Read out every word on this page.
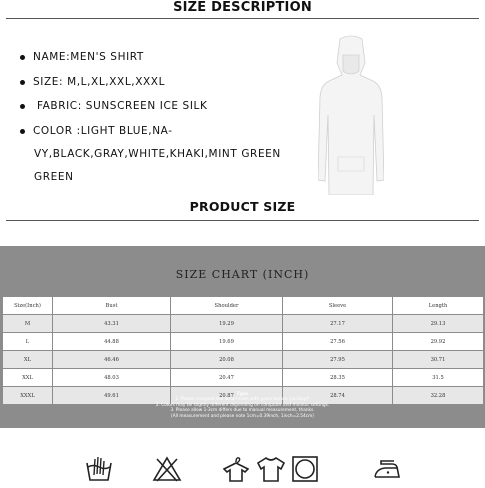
SIZE DESCRIPTION
NAME:MEN'S SHIRT
SIZE: M,L,XL,XXL,XXXL
FABRIC: SUNSCREEN ICE SILK
COLOR :LIGHT BLUE,NA-
VY,BLACK,GRAY,WHITE,KHAKI,MINT GREEN
GREEN
PRODUCT SIZE
SIZE CHART (INCH)
Size(Inch)	Bust	Shoulder	Sleeve	Length
M	43.31	19.29	27.17	29.13
L	44.88	19.69	27.56	29.92
XL	46.46	20.08	27.95	30.71
XXL	48.03	20.47	28.35	31.5
XXXL	49.61	20.87	28.74	32.28
Tips:
1. Please compare the detail sizes with yours before you buy!!
2. Colors may be slightly different depending on computer and monitor settings.
3. Please allow 1-3cm differs due to manual measurement, thanks.
(All measurement and please note 1cm=0.39inch, 1inch=2.54cm)
